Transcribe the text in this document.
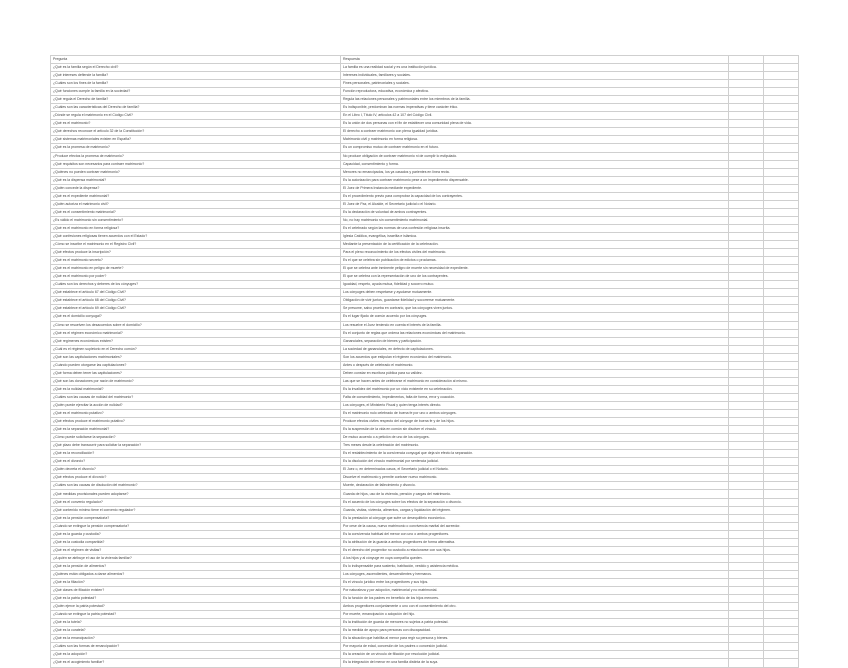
Pregunta	Respuesta		
¿Qué es la familia según el Derecho civil?	La familia es una realidad social y es una institución jurídica.		
¿Qué intereses defiende la familia?	Intereses individuales, familiares y sociales.		
¿Cuáles son los fines de la familia?	Fines personales, patrimoniales y sociales.		
¿Qué funciones cumple la familia en la sociedad?	Función reproductora, educativa, económica y afectiva.		
¿Qué regula el Derecho de familia?	Regula las relaciones personales y patrimoniales entre los miembros de la familia.		
¿Cuáles son las características del Derecho de familia?	Es indisponible, predominan las normas imperativas y tiene carácter ético.		
¿Dónde se regula el matrimonio en el Código Civil?	En el Libro I, Título IV, artículos 42 a 107 del Código Civil.		
¿Qué es el matrimonio?	Es la unión de dos personas con el fin de establecer una comunidad plena de vida.		
¿Qué derechos reconoce el artículo 32 de la Constitución?	El derecho a contraer matrimonio con plena igualdad jurídica.		
¿Qué sistemas matrimoniales existen en España?	Matrimonio civil y matrimonio en forma religiosa.		
¿Qué es la promesa de matrimonio?	Es un compromiso mutuo de contraer matrimonio en el futuro.		
¿Produce efectos la promesa de matrimonio?	No produce obligación de contraer matrimonio ni de cumplir lo estipulado.		
¿Qué requisitos son necesarios para contraer matrimonio?	Capacidad, consentimiento y forma.		
¿Quiénes no pueden contraer matrimonio?	Menores no emancipados, los ya casados y parientes en línea recta.		
¿Qué es la dispensa matrimonial?	Es la autorización para contraer matrimonio pese a un impedimento dispensable.		
¿Quién concede la dispensa?	El Juez de Primera Instancia mediante expediente.		
¿Qué es el expediente matrimonial?	Es el procedimiento previo para comprobar la capacidad de los contrayentes.		
¿Quién autoriza el matrimonio civil?	El Juez de Paz, el Alcalde, el Secretario judicial o el Notario.		
¿Qué es el consentimiento matrimonial?	Es la declaración de voluntad de ambos contrayentes.		
¿Es válido el matrimonio sin consentimiento?	No, no hay matrimonio sin consentimiento matrimonial.		
¿Qué es el matrimonio en forma religiosa?	Es el celebrado según las normas de una confesión religiosa inscrita.		
¿Qué confesiones religiosas tienen acuerdos con el Estado?	Iglesia Católica, evangélica, israelita e islámica.		
¿Cómo se inscribe el matrimonio en el Registro Civil?	Mediante la presentación de la certificación de la celebración.		
¿Qué efectos produce la inscripción?	Para el pleno reconocimiento de los efectos civiles del matrimonio.		
¿Qué es el matrimonio secreto?	Es el que se celebra sin publicación de edictos o proclamas.		
¿Qué es el matrimonio en peligro de muerte?	El que se celebra ante inminente peligro de muerte sin necesidad de expediente.		
¿Qué es el matrimonio por poder?	El que se celebra con la representación de uno de los contrayentes.		
¿Cuáles son los derechos y deberes de los cónyuges?	Igualdad, respeto, ayuda mutua, fidelidad y socorro mutuo.		
¿Qué establece el artículo 67 del Código Civil?	Los cónyuges deben respetarse y ayudarse mutuamente.		
¿Qué establece el artículo 68 del Código Civil?	Obligación de vivir juntos, guardarse fidelidad y socorrerse mutuamente.		
¿Qué establece el artículo 69 del Código Civil?	Se presume, salvo prueba en contrario, que los cónyuges viven juntos.		
¿Qué es el domicilio conyugal?	Es el lugar fijado de común acuerdo por los cónyuges.		
¿Cómo se resuelven los desacuerdos sobre el domicilio?	Los resuelve el Juez teniendo en cuenta el interés de la familia.		
¿Qué es el régimen económico matrimonial?	Es el conjunto de reglas que ordena las relaciones económicas del matrimonio.		
¿Qué regímenes económicos existen?	Gananciales, separación de bienes y participación.		
¿Cuál es el régimen supletorio en el Derecho común?	La sociedad de gananciales, en defecto de capitulaciones.		
¿Qué son las capitulaciones matrimoniales?	Son los acuerdos que estipulan el régimen económico del matrimonio.		
¿Cuándo pueden otorgarse las capitulaciones?	Antes o después de celebrado el matrimonio.		
¿Qué forma deben tener las capitulaciones?	Deben constar en escritura pública para su validez.		
¿Qué son las donaciones por razón de matrimonio?	Las que se hacen antes de celebrarse el matrimonio en consideración al mismo.		
¿Qué es la nulidad matrimonial?	Es la invalidez del matrimonio por un vicio existente en su celebración.		
¿Cuáles son las causas de nulidad del matrimonio?	Falta de consentimiento, impedimentos, falta de forma, error y coacción.		
¿Quién puede ejercitar la acción de nulidad?	Los cónyuges, el Ministerio Fiscal y quien tenga interés directo.		
¿Qué es el matrimonio putativo?	Es el matrimonio nulo celebrado de buena fe por uno o ambos cónyuges.		
¿Qué efectos produce el matrimonio putativo?	Produce efectos civiles respecto del cónyuge de buena fe y de los hijos.		
¿Qué es la separación matrimonial?	Es la suspensión de la vida en común sin disolver el vínculo.		
¿Cómo puede solicitarse la separación?	De mutuo acuerdo o a petición de uno de los cónyuges.		
¿Qué plazo debe transcurrir para solicitar la separación?	Tres meses desde la celebración del matrimonio.		
¿Qué es la reconciliación?	Es el restablecimiento de la convivencia conyugal que deja sin efecto la separación.		
¿Qué es el divorcio?	Es la disolución del vínculo matrimonial por sentencia judicial.		
¿Quién decreta el divorcio?	El Juez o, en determinados casos, el Secretario judicial o el Notario.		
¿Qué efectos produce el divorcio?	Disuelve el matrimonio y permite contraer nuevo matrimonio.		
¿Cuáles son las causas de disolución del matrimonio?	Muerte, declaración de fallecimiento y divorcio.		
¿Qué medidas provisionales pueden adoptarse?	Guarda de hijos, uso de la vivienda, pensión y cargas del matrimonio.		
¿Qué es el convenio regulador?	Es el acuerdo de los cónyuges sobre los efectos de la separación o divorcio.		
¿Qué contenido mínimo tiene el convenio regulador?	Guarda, visitas, vivienda, alimentos, cargas y liquidación del régimen.		
¿Qué es la pensión compensatoria?	Es la prestación al cónyuge que sufre un desequilibrio económico.		
¿Cuándo se extingue la pensión compensatoria?	Por cese de la causa, nuevo matrimonio o convivencia marital del acreedor.		
¿Qué es la guarda y custodia?	Es la convivencia habitual del menor con uno o ambos progenitores.		
¿Qué es la custodia compartida?	Es la atribución de la guarda a ambos progenitores de forma alternativa.		
¿Qué es el régimen de visitas?	Es el derecho del progenitor no custodio a relacionarse con sus hijos.		
¿A quién se atribuye el uso de la vivienda familiar?	A los hijos y al cónyuge en cuya compañía queden.		
¿Qué es la pensión de alimentos?	Es lo indispensable para sustento, habitación, vestido y asistencia médica.		
¿Quiénes están obligados a darse alimentos?	Los cónyuges, ascendientes, descendientes y hermanos.		
¿Qué es la filiación?	Es el vínculo jurídico entre los progenitores y sus hijos.		
¿Qué clases de filiación existen?	Por naturaleza y por adopción, matrimonial y no matrimonial.		
¿Qué es la patria potestad?	Es la función de los padres en beneficio de los hijos menores.		
¿Quién ejerce la patria potestad?	Ambos progenitores conjuntamente o uno con el consentimiento del otro.		
¿Cuándo se extingue la patria potestad?	Por muerte, emancipación o adopción del hijo.		
¿Qué es la tutela?	Es la institución de guarda de menores no sujetos a patria potestad.		
¿Qué es la curatela?	Es la medida de apoyo para personas con discapacidad.		
¿Qué es la emancipación?	Es la situación que habilita al menor para regir su persona y bienes.		
¿Cuáles son las formas de emancipación?	Por mayoría de edad, concesión de los padres o concesión judicial.		
¿Qué es la adopción?	Es la creación de un vínculo de filiación por resolución judicial.		
¿Qué es el acogimiento familiar?	Es la integración del menor en una familia distinta de la suya.		
